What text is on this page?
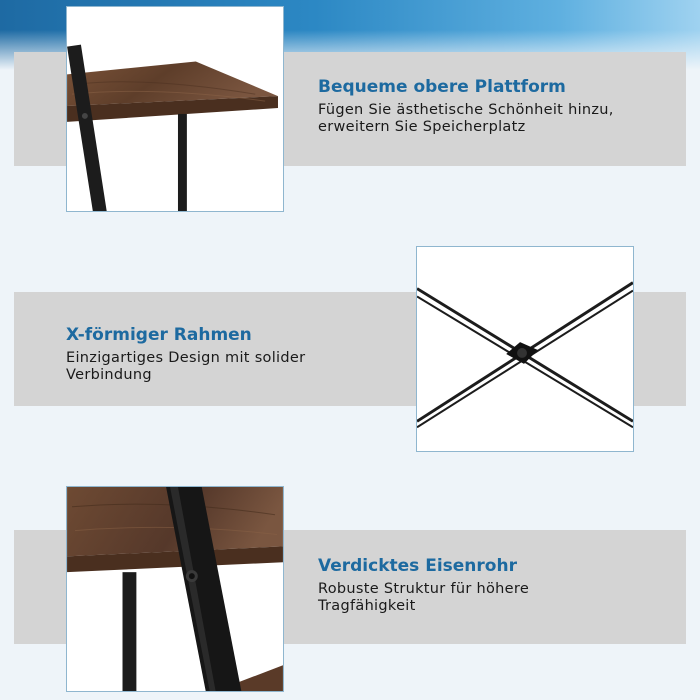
Bequeme obere Plattform
Fügen Sie ästhetische Schönheit hinzu,
erweitern Sie Speicherplatz
X-förmiger Rahmen
Einzigartiges Design mit solider
Verbindung
Verdicktes Eisenrohr
Robuste Struktur für höhere
Tragfähigkeit
